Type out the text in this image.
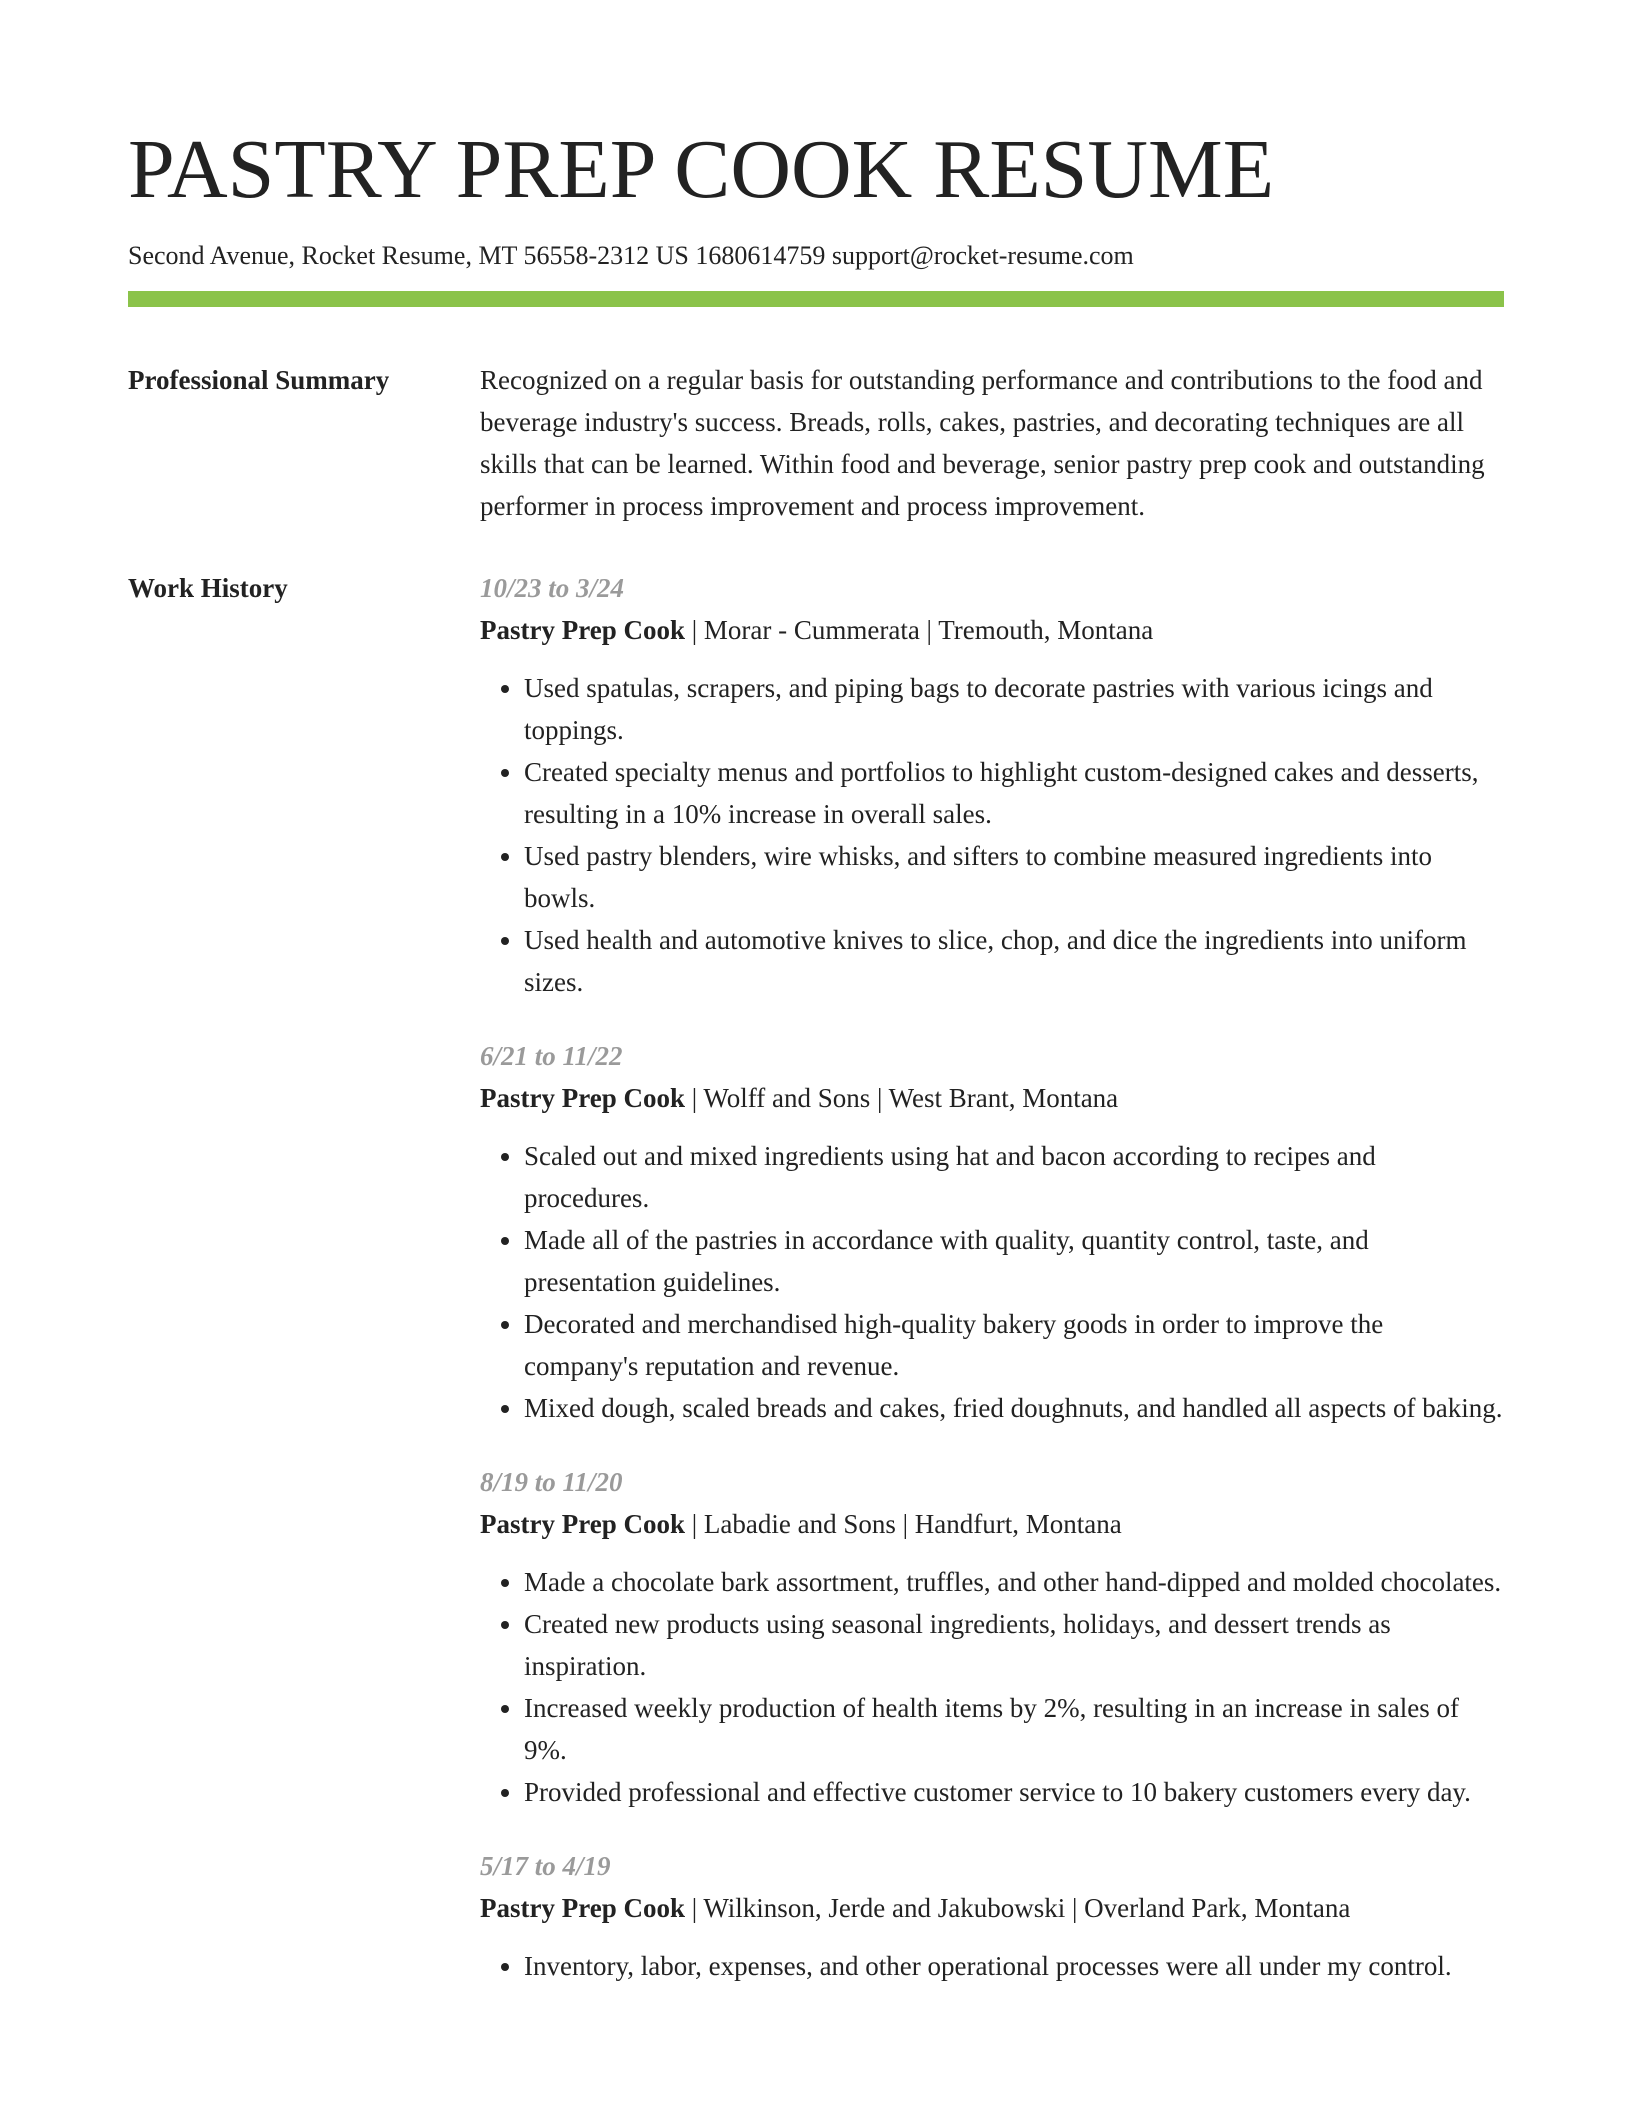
PASTRY PREP COOK RESUME
Second Avenue, Rocket Resume, MT 56558-2312 US 1680614759 support@rocket-resume.com
Professional Summary	Recognized on a regular basis for outstanding performance and contributions to the food and beverage industry's success. Breads, rolls, cakes, pastries, and decorating techniques are all skills that can be learned. Within food and beverage, senior pastry prep cook and outstanding performer in process improvement and process improvement.

Work History	10/23 to 3/24
Pastry Prep Cook | Morar - Cummerata | Tremouth, Montana
• Used spatulas, scrapers, and piping bags to decorate pastries with various icings and toppings.
• Created specialty menus and portfolios to highlight custom-designed cakes and desserts, resulting in a 10% increase in overall sales.
• Used pastry blenders, wire whisks, and sifters to combine measured ingredients into bowls.
• Used health and automotive knives to slice, chop, and dice the ingredients into uniform sizes.
6/21 to 11/22
Pastry Prep Cook | Wolff and Sons | West Brant, Montana
• Scaled out and mixed ingredients using hat and bacon according to recipes and procedures.
• Made all of the pastries in accordance with quality, quantity control, taste, and presentation guidelines.
• Decorated and merchandised high-quality bakery goods in order to improve the company's reputation and revenue.
• Mixed dough, scaled breads and cakes, fried doughnuts, and handled all aspects of baking.
8/19 to 11/20
Pastry Prep Cook | Labadie and Sons | Handfurt, Montana
• Made a chocolate bark assortment, truffles, and other hand-dipped and molded chocolates.
• Created new products using seasonal ingredients, holidays, and dessert trends as inspiration.
• Increased weekly production of health items by 2%, resulting in an increase in sales of 9%.
• Provided professional and effective customer service to 10 bakery customers every day.
5/17 to 4/19
Pastry Prep Cook | Wilkinson, Jerde and Jakubowski | Overland Park, Montana
• Inventory, labor, expenses, and other operational processes were all under my control.
